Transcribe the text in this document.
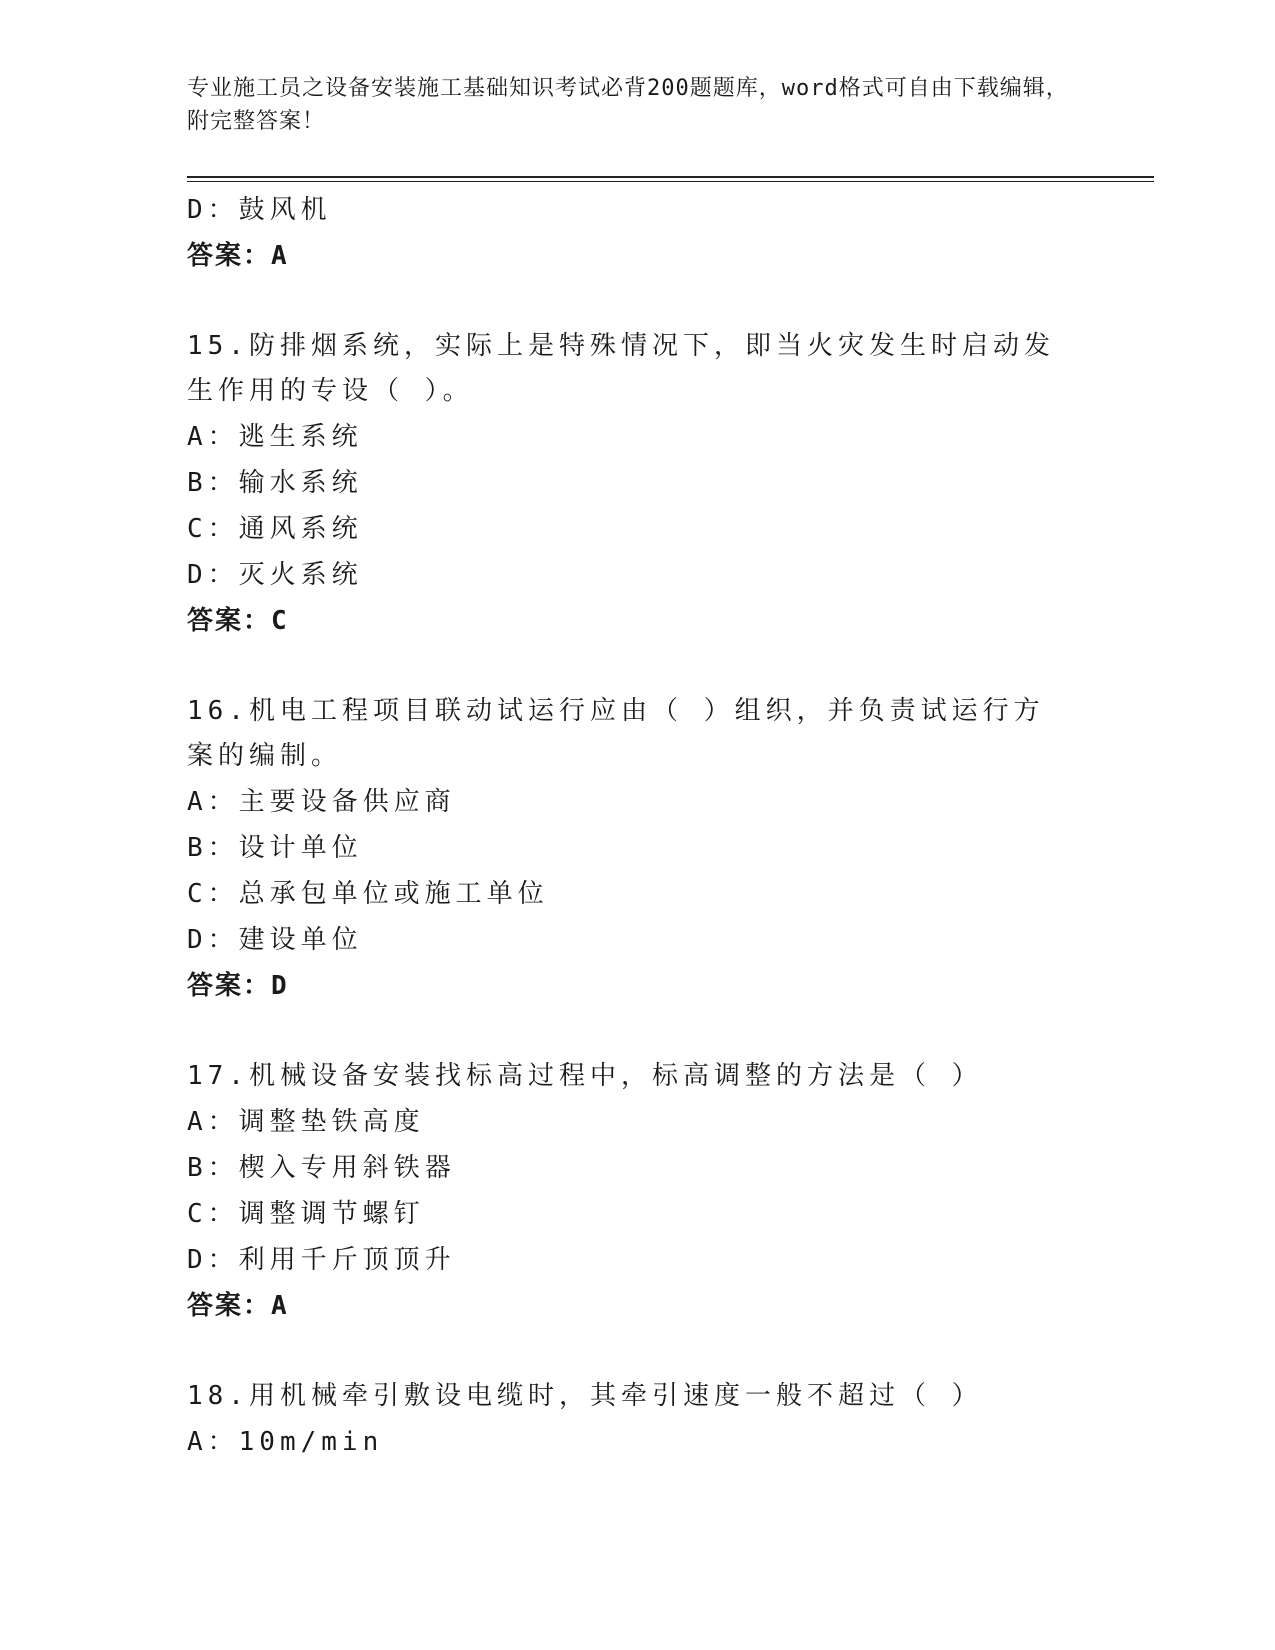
专业施工员之设备安装施工基础知识考试必背200题题库，word格式可自由下载编辑，附完整答案！
D：鼓风机
答案：A
15.防排烟系统，实际上是特殊情况下，即当火灾发生时启动发生作用的专设（ ）。
A：逃生系统
B：输水系统
C：通风系统
D：灭火系统
答案：C
16.机电工程项目联动试运行应由（ ）组织，并负责试运行方案的编制。
A：主要设备供应商
B：设计单位
C：总承包单位或施工单位
D：建设单位
答案：D
17.机械设备安装找标高过程中，标高调整的方法是（ ）
A：调整垫铁高度
B：楔入专用斜铁器
C：调整调节螺钉
D：利用千斤顶顶升
答案：A
18.用机械牵引敷设电缆时，其牵引速度一般不超过（ ）
A：10m/min
